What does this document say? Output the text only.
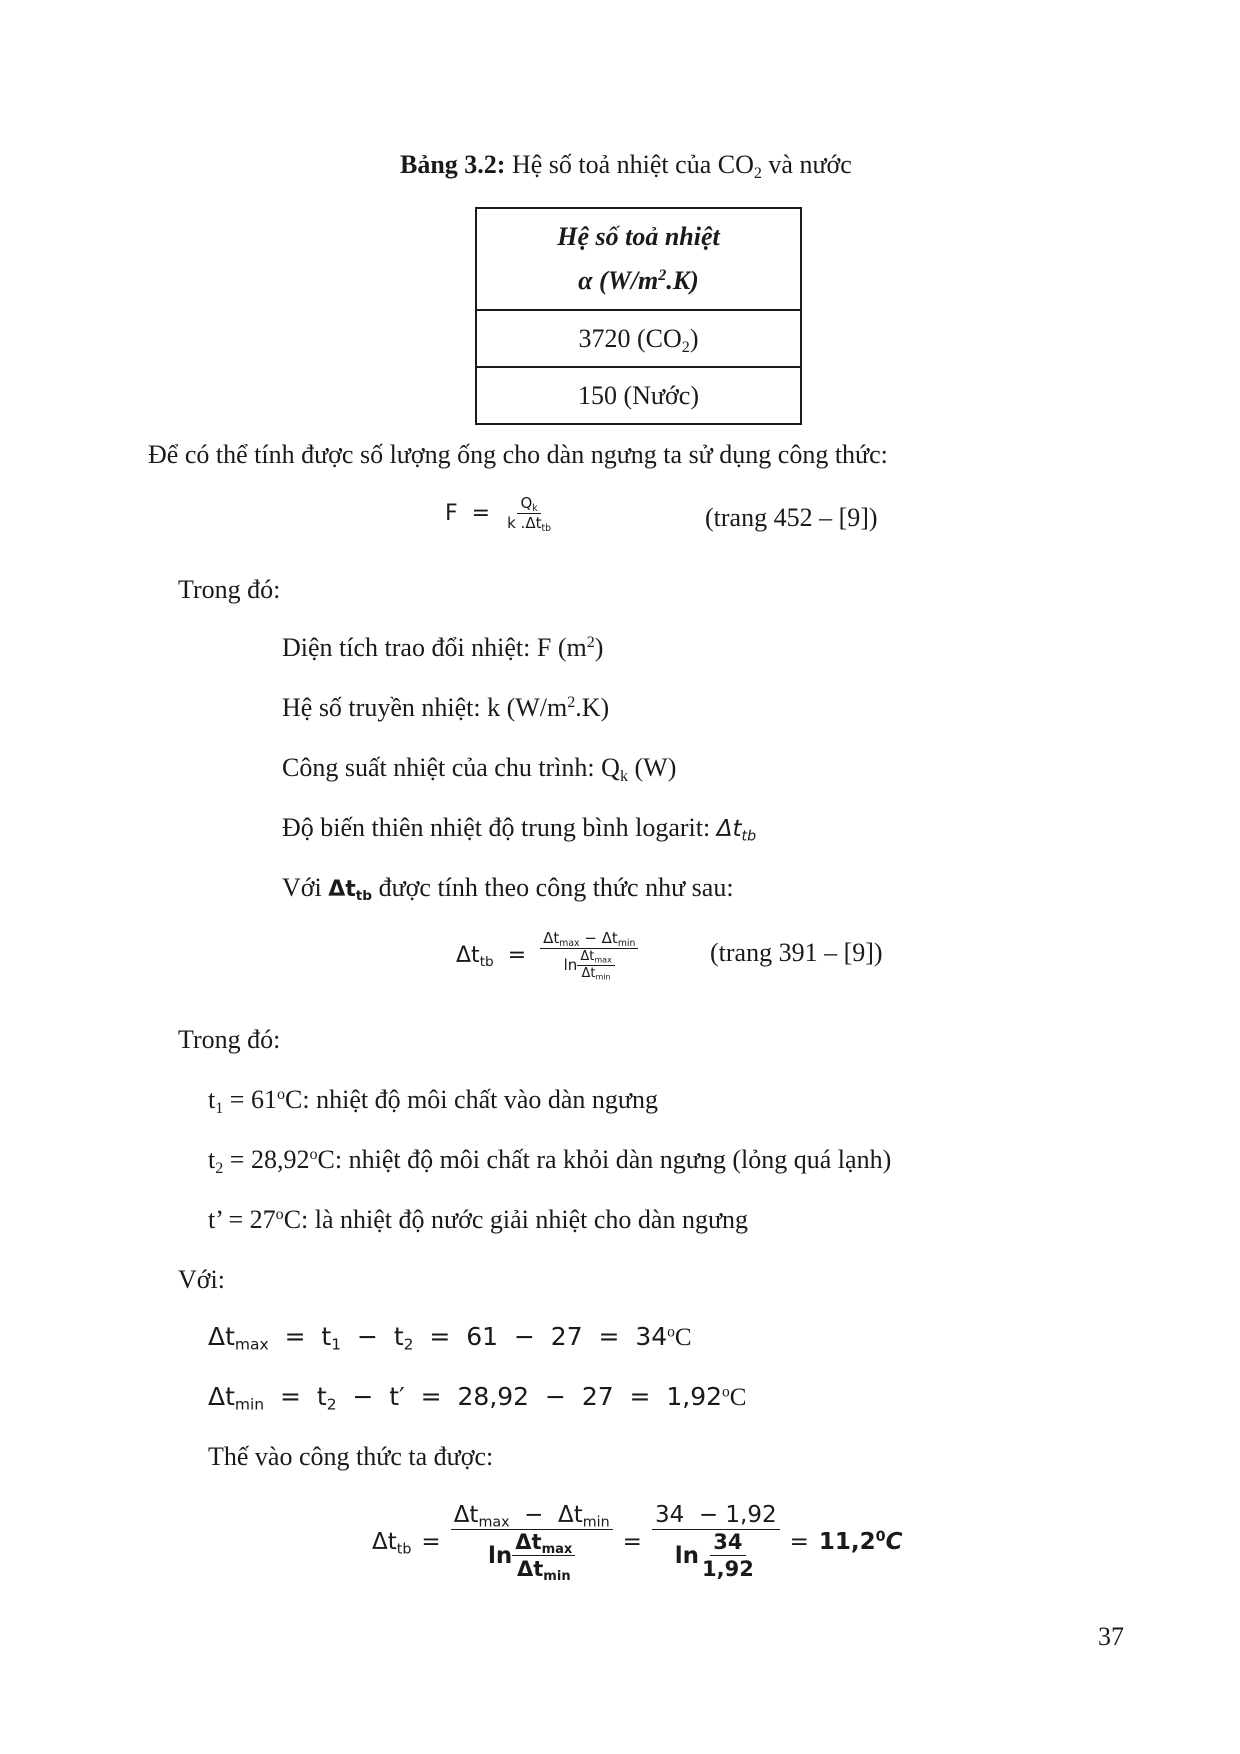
Bảng 3.2: Hệ số toả nhiệt của $CO_2$ và nước
Hệ số toả nhiệt
α $(W/m^2.K)$

3720 $(CO_2)$
150 (Nước)
Để có thể tính được số lượng ống cho dàn ngưng ta sử dụng công thức:
$F = \frac{Q_k}{k .\Delta t_{tb}}$	(trang 452 – [9])
Trong đó:
Diện tích trao đổi nhiệt: F $(m^2)$
Hệ số truyền nhiệt: k $(W/m^2.K)$
Công suất nhiệt của chu trình: $Q_k$ (W)
Độ biến thiên nhiệt độ trung bình logarit: $\Delta t_{tb}$
Với $\Delta t_{tb}$ được tính theo công thức như sau:
$\Delta t_{tb} = \frac{\Delta t_{max} - \Delta t_{min}}{\ln \frac{\Delta t_{max}}{\Delta t_{min}}}$	(trang 391 – [9])
Trong đó:
$t_1 = 61^oC$: nhiệt độ môi chất vào dàn ngưng
$t_2 = 28,92^oC$: nhiệt độ môi chất ra khỏi dàn ngưng (lỏng quá lạnh)
t’ = $27^oC$: là nhiệt độ nước giải nhiệt cho dàn ngưng
Với:
$\Delta t_{max} = t_1 - t_2 = 61 - 27 = 34^oC$
$\Delta t_{min} = t_2 - t' = 28,92 - 27 = 1,92^oC$
Thế vào công thức ta được:
$\Delta t_{tb} = \frac{\Delta t_{max} - \Delta t_{min}}{\ln \frac{\Delta t_{max}}{\Delta t_{min}}} = \frac{34 - 1,92}{\ln \frac{34}{1,92}} = 11,2^0C$
37
